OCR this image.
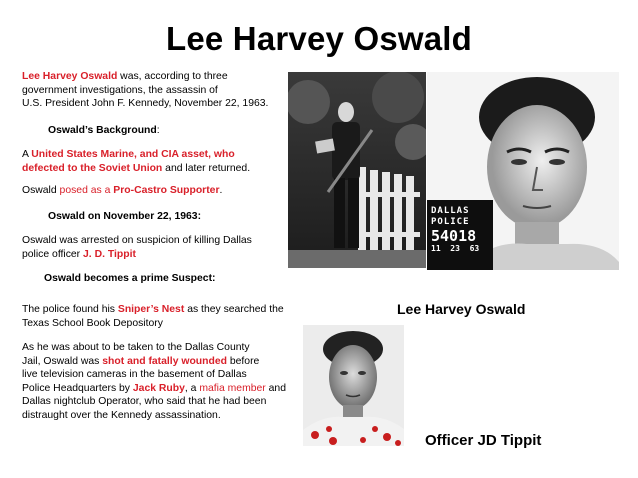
Lee Harvey Oswald
Lee Harvey Oswald was, according to three
government investigations, the assassin of
U.S. President John F. Kennedy, November 22, 1963.
Oswald’s Background:
A United States Marine, and CIA asset, who
defected to the Soviet Union and later returned.
Oswald posed as a Pro-Castro Supporter.
Oswald on November 22, 1963:
Oswald was arrested on suspicion of killing Dallas
police officer J. D. Tippit
Oswald becomes a prime Suspect:
The police found his Sniper’s Nest as they searched the
Texas School Book Depository
As he was about to be taken to the Dallas County
Jail, Oswald was shot and fatally wounded before
live television cameras in the basement of Dallas
Police Headquarters by Jack Ruby, a mafia member and
Dallas nightclub Operator, who said that he had been
distraught over the Kennedy assassination.
DALLAS
POLICE
54018
11 23 63
Lee Harvey Oswald
Officer JD Tippit
